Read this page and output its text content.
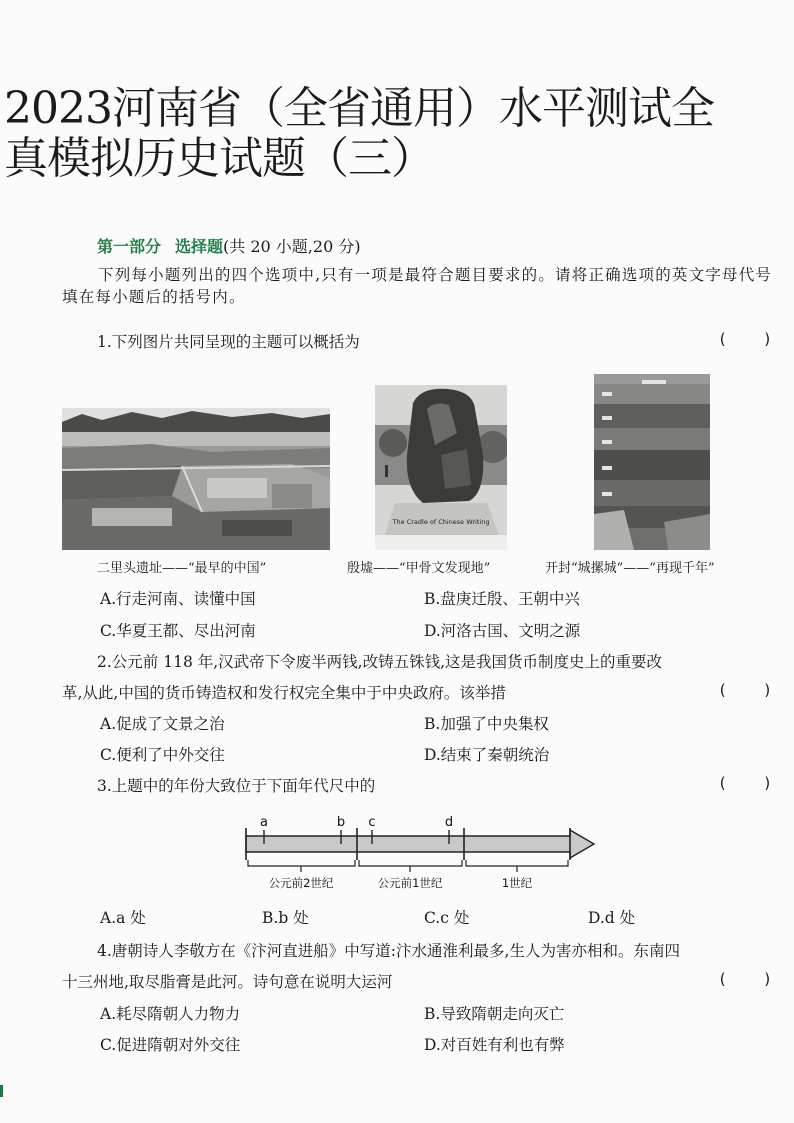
2023河南省（全省通用）水平测试全
真模拟历史试题（三）
第一部分 选择题(共 20 小题,20 分)
下列每小题列出的四个选项中,只有一项是最符合题目要求的。请将正确选项的英文字母代号填在每小题后的括号内。
1.下列图片共同呈现的主题可以概括为	(    )
The Cradle of Chinese Writing
二里头遗址——“最早的中国”	殷墟——“甲骨文发现地”	开封“城摞城”——“再现千年”
A.行走河南、读懂中国	B.盘庚迁殷、王朝中兴
C.华夏王都、尽出河南	D.河洛古国、文明之源
2.公元前 118 年,汉武帝下令废半两钱,改铸五铢钱,这是我国货币制度史上的重要改
革,从此,中国的货币铸造权和发行权完全集中于中央政府。该举措	(    )
A.促成了文景之治	B.加强了中央集权
C.便利了中外交往	D.结束了秦朝统治
3.上题中的年份大致位于下面年代尺中的	(    )
a	b c	d
公元前2世纪	公元前1世纪	1世纪
A.a 处	B.b 处	C.c 处	D.d 处
4.唐朝诗人李敬方在《汴河直进船》中写道:汴水通淮利最多,生人为害亦相和。东南四
十三州地,取尽脂膏是此河。诗句意在说明大运河	(    )
A.耗尽隋朝人力物力	B.导致隋朝走向灭亡
C.促进隋朝对外交往	D.对百姓有利也有弊
